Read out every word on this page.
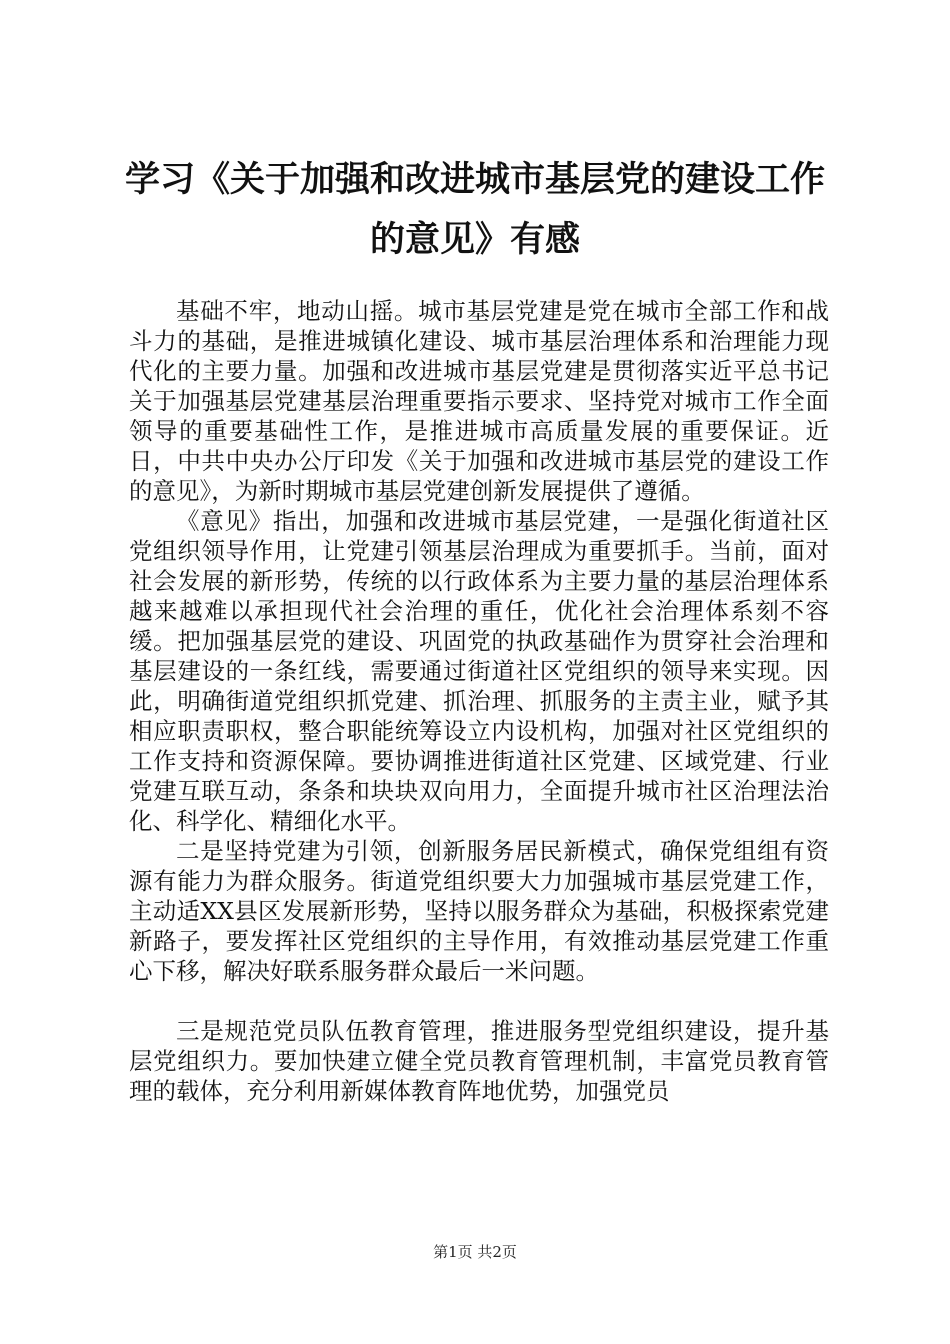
学习《关于加强和改进城市基层党的建设工作
的意见》有感

基础不牢，地动山摇。城市基层党建是党在城市全部工作和战斗力的基础，是推进城镇化建设、城市基层治理体系和治理能力现代化的主要力量。加强和改进城市基层党建是贯彻落实近平总书记关于加强基层党建基层治理重要指示要求、坚持党对城市工作全面领导的重要基础性工作，是推进城市高质量发展的重要保证。近日，中共中央办公厅印发《关于加强和改进城市基层党的建设工作的意见》，为新时期城市基层党建创新发展提供了遵循。

《意见》指出，加强和改进城市基层党建，一是强化街道社区党组织领导作用，让党建引领基层治理成为重要抓手。当前，面对社会发展的新形势，传统的以行政体系为主要力量的基层治理体系越来越难以承担现代社会治理的重任，优化社会治理体系刻不容缓。把加强基层党的建设、巩固党的执政基础作为贯穿社会治理和基层建设的一条红线，需要通过街道社区党组织的领导来实现。因此，明确街道党组织抓党建、抓治理、抓服务的主责主业，赋予其相应职责职权，整合职能统筹设立内设机构，加强对社区党组织的工作支持和资源保障。要协调推进街道社区党建、区域党建、行业党建互联互动，条条和块块双向用力，全面提升城市社区治理法治化、科学化、精细化水平。

二是坚持党建为引领，创新服务居民新模式，确保党组组有资源有能力为群众服务。街道党组织要大力加强城市基层党建工作，主动适XX县区发展新形势，坚持以服务群众为基础，积极探索党建新路子，要发挥社区党组织的主导作用，有效推动基层党建工作重心下移，解决好联系服务群众最后一米问题。

三是规范党员队伍教育管理，推进服务型党组织建设，提升基层党组织力。要加快建立健全党员教育管理机制，丰富党员教育管理的载体，充分利用新媒体教育阵地优势，加强党员

第1页 共2页
